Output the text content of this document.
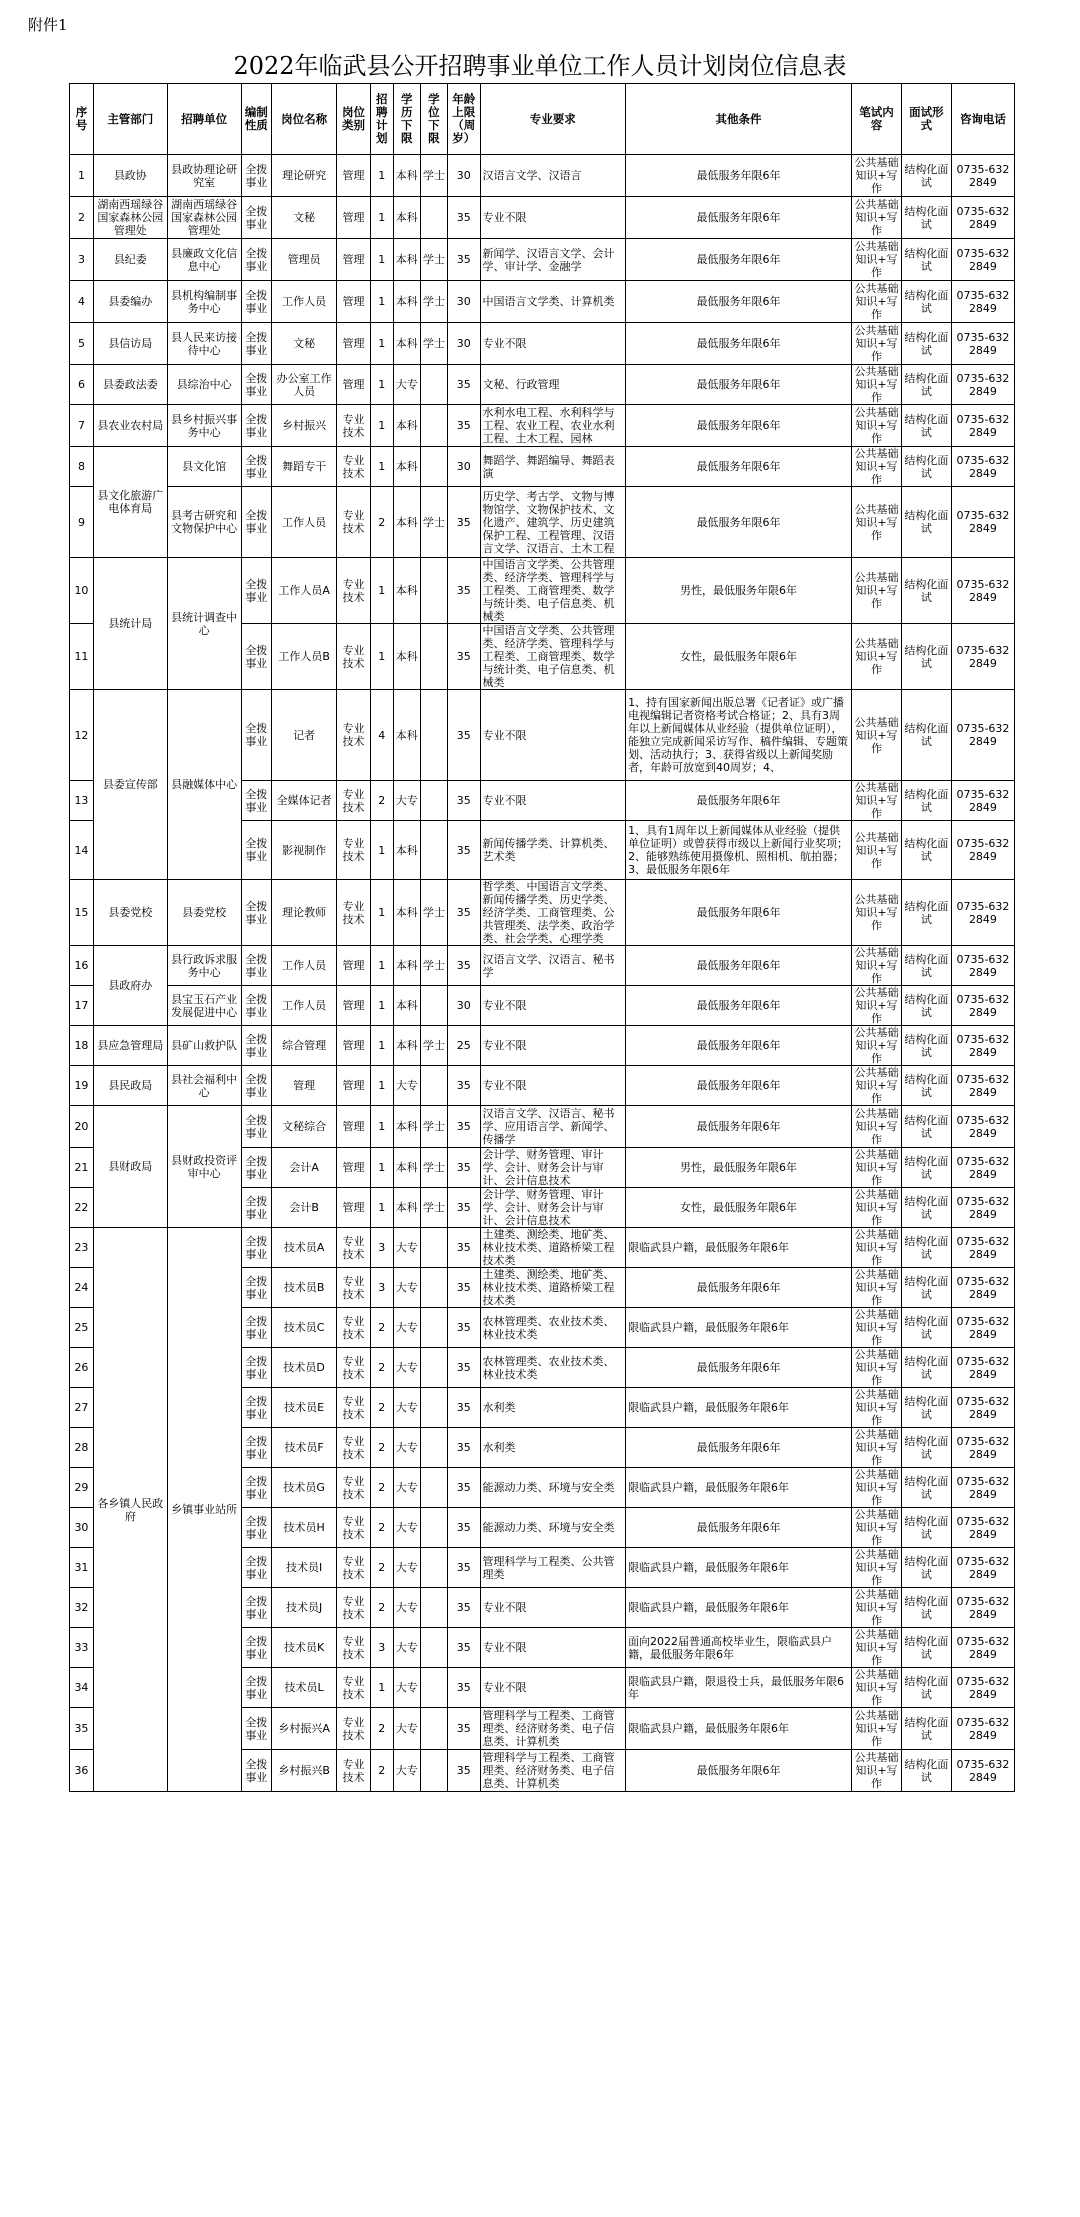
附件1
2022年临武县公开招聘事业单位工作人员计划岗位信息表
序号	主管部门	招聘单位	编制性质	岗位名称	岗位类别	招聘计划	学历下限	学位下限	年龄上限（周岁）	专业要求	其他条件	笔试内容	面试形式	咨询电话
1	县政协	县政协理论研究室	全拨事业	理论研究	管理	1	本科	学士	30	汉语言文学、汉语言	最低服务年限6年	公共基础知识+写作	结构化面试	0735-6322849
2	湖南西瑶绿谷国家森林公园管理处	湖南西瑶绿谷国家森林公园管理处	全拨事业	文秘	管理	1	本科		35	专业不限	最低服务年限6年	公共基础知识+写作	结构化面试	0735-6322849
3	县纪委	县廉政文化信息中心	全拨事业	管理员	管理	1	本科	学士	35	新闻学、汉语言文学、会计学、审计学、金融学	最低服务年限6年	公共基础知识+写作	结构化面试	0735-6322849
4	县委编办	县机构编制事务中心	全拨事业	工作人员	管理	1	本科	学士	30	中国语言文学类、计算机类	最低服务年限6年	公共基础知识+写作	结构化面试	0735-6322849
5	县信访局	县人民来访接待中心	全拨事业	文秘	管理	1	本科	学士	30	专业不限	最低服务年限6年	公共基础知识+写作	结构化面试	0735-6322849
6	县委政法委	县综治中心	全拨事业	办公室工作人员	管理	1	大专		35	文秘、行政管理	最低服务年限6年	公共基础知识+写作	结构化面试	0735-6322849
7	县农业农村局	县乡村振兴事务中心	全拨事业	乡村振兴	专业技术	1	本科		35	水利水电工程、水利科学与工程、农业工程、农业水利工程、土木工程、园林	最低服务年限6年	公共基础知识+写作	结构化面试	0735-6322849
8	县文化旅游广电体育局	县文化馆	全拨事业	舞蹈专干	专业技术	1	本科		30	舞蹈学、舞蹈编导、舞蹈表演	最低服务年限6年	公共基础知识+写作	结构化面试	0735-6322849
9		县考古研究和文物保护中心	全拨事业	工作人员	专业技术	2	本科	学士	35	历史学、考古学、文物与博物馆学、文物保护技术、文化遗产、建筑学、历史建筑保护工程、工程管理、汉语言文学、汉语言、土木工程	最低服务年限6年	公共基础知识+写作	结构化面试	0735-6322849
10	县统计局	县统计调查中心	全拨事业	工作人员A	专业技术	1	本科		35	中国语言文学类、公共管理类、经济学类、管理科学与工程类、工商管理类、数学与统计类、电子信息类、机械类	男性，最低服务年限6年	公共基础知识+写作	结构化面试	0735-6322849
11			全拨事业	工作人员B	专业技术	1	本科		35	中国语言文学类、公共管理类、经济学类、管理科学与工程类、工商管理类、数学与统计类、电子信息类、机械类	女性，最低服务年限6年	公共基础知识+写作	结构化面试	0735-6322849
12	县委宣传部	县融媒体中心	全拨事业	记者	专业技术	4	本科		35	专业不限	1、持有国家新闻出版总署《记者证》或广播电视编辑记者资格考试合格证；2、具有3周年以上新闻媒体从业经验（提供单位证明），能独立完成新闻采访写作、稿件编辑、专题策划、活动执行；3、获得省级以上新闻奖励者，年龄可放宽到40周岁；4、	公共基础知识+写作	结构化面试	0735-6322849
13			全拨事业	全媒体记者	专业技术	2	大专		35	专业不限	最低服务年限6年	公共基础知识+写作	结构化面试	0735-6322849
14			全拨事业	影视制作	专业技术	1	本科		35	新闻传播学类、计算机类、艺术类	1、具有1周年以上新闻媒体从业经验（提供单位证明）或曾获得市级以上新闻行业奖项；2、能够熟练使用摄像机、照相机、航拍器；3、最低服务年限6年	公共基础知识+写作	结构化面试	0735-6322849
15	县委党校	县委党校	全拨事业	理论教师	专业技术	1	本科	学士	35	哲学类、中国语言文学类、新闻传播学类、历史学类、经济学类、工商管理类、公共管理类、法学类、政治学类、社会学类、心理学类	最低服务年限6年	公共基础知识+写作	结构化面试	0735-6322849
16	县政府办	县行政诉求服务中心	全拨事业	工作人员	管理	1	本科	学士	35	汉语言文学、汉语言、秘书学	最低服务年限6年	公共基础知识+写作	结构化面试	0735-6322849
17		县宝玉石产业发展促进中心	全拨事业	工作人员	管理	1	本科		30	专业不限	最低服务年限6年	公共基础知识+写作	结构化面试	0735-6322849
18	县应急管理局	县矿山救护队	全拨事业	综合管理	管理	1	本科	学士	25	专业不限	最低服务年限6年	公共基础知识+写作	结构化面试	0735-6322849
19	县民政局	县社会福利中心	全拨事业	管理	管理	1	大专		35	专业不限	最低服务年限6年	公共基础知识+写作	结构化面试	0735-6322849
20	县财政局	县财政投资评审中心	全拨事业	文秘综合	管理	1	本科	学士	35	汉语言文学、汉语言、秘书学、应用语言学、新闻学、传播学	最低服务年限6年	公共基础知识+写作	结构化面试	0735-6322849
21			全拨事业	会计A	管理	1	本科	学士	35	会计学、财务管理、审计学、会计、财务会计与审计、会计信息技术	男性，最低服务年限6年	公共基础知识+写作	结构化面试	0735-6322849
22			全拨事业	会计B	管理	1	本科	学士	35	会计学、财务管理、审计学、会计、财务会计与审计、会计信息技术	女性，最低服务年限6年	公共基础知识+写作	结构化面试	0735-6322849
23	各乡镇人民政府	乡镇事业站所	全拨事业	技术员A	专业技术	3	大专		35	土建类、测绘类、地矿类、林业技术类、道路桥梁工程技术类	限临武县户籍，最低服务年限6年	公共基础知识+写作	结构化面试	0735-6322849
24			全拨事业	技术员B	专业技术	3	大专		35	土建类、测绘类、地矿类、林业技术类、道路桥梁工程技术类	最低服务年限6年	公共基础知识+写作	结构化面试	0735-6322849
25			全拨事业	技术员C	专业技术	2	大专		35	农林管理类、农业技术类、林业技术类	限临武县户籍，最低服务年限6年	公共基础知识+写作	结构化面试	0735-6322849
26			全拨事业	技术员D	专业技术	2	大专		35	农林管理类、农业技术类、林业技术类	最低服务年限6年	公共基础知识+写作	结构化面试	0735-6322849
27			全拨事业	技术员E	专业技术	2	大专		35	水利类	限临武县户籍，最低服务年限6年	公共基础知识+写作	结构化面试	0735-6322849
28			全拨事业	技术员F	专业技术	2	大专		35	水利类	最低服务年限6年	公共基础知识+写作	结构化面试	0735-6322849
29			全拨事业	技术员G	专业技术	2	大专		35	能源动力类、环境与安全类	限临武县户籍，最低服务年限6年	公共基础知识+写作	结构化面试	0735-6322849
30			全拨事业	技术员H	专业技术	2	大专		35	能源动力类、环境与安全类	最低服务年限6年	公共基础知识+写作	结构化面试	0735-6322849
31			全拨事业	技术员I	专业技术	2	大专		35	管理科学与工程类、公共管理类	限临武县户籍，最低服务年限6年	公共基础知识+写作	结构化面试	0735-6322849
32			全拨事业	技术员J	专业技术	2	大专		35	专业不限	限临武县户籍，最低服务年限6年	公共基础知识+写作	结构化面试	0735-6322849
33			全拨事业	技术员K	专业技术	3	大专		35	专业不限	面向2022届普通高校毕业生，限临武县户籍，最低服务年限6年	公共基础知识+写作	结构化面试	0735-6322849
34			全拨事业	技术员L	专业技术	1	大专		35	专业不限	限临武县户籍，限退役士兵，最低服务年限6年	公共基础知识+写作	结构化面试	0735-6322849
35			全拨事业	乡村振兴A	专业技术	2	大专		35	管理科学与工程类、工商管理类、经济财务类、电子信息类、计算机类	限临武县户籍，最低服务年限6年	公共基础知识+写作	结构化面试	0735-6322849
36			全拨事业	乡村振兴B	专业技术	2	大专		35	管理科学与工程类、工商管理类、经济财务类、电子信息类、计算机类	最低服务年限6年	公共基础知识+写作	结构化面试	0735-6322849
